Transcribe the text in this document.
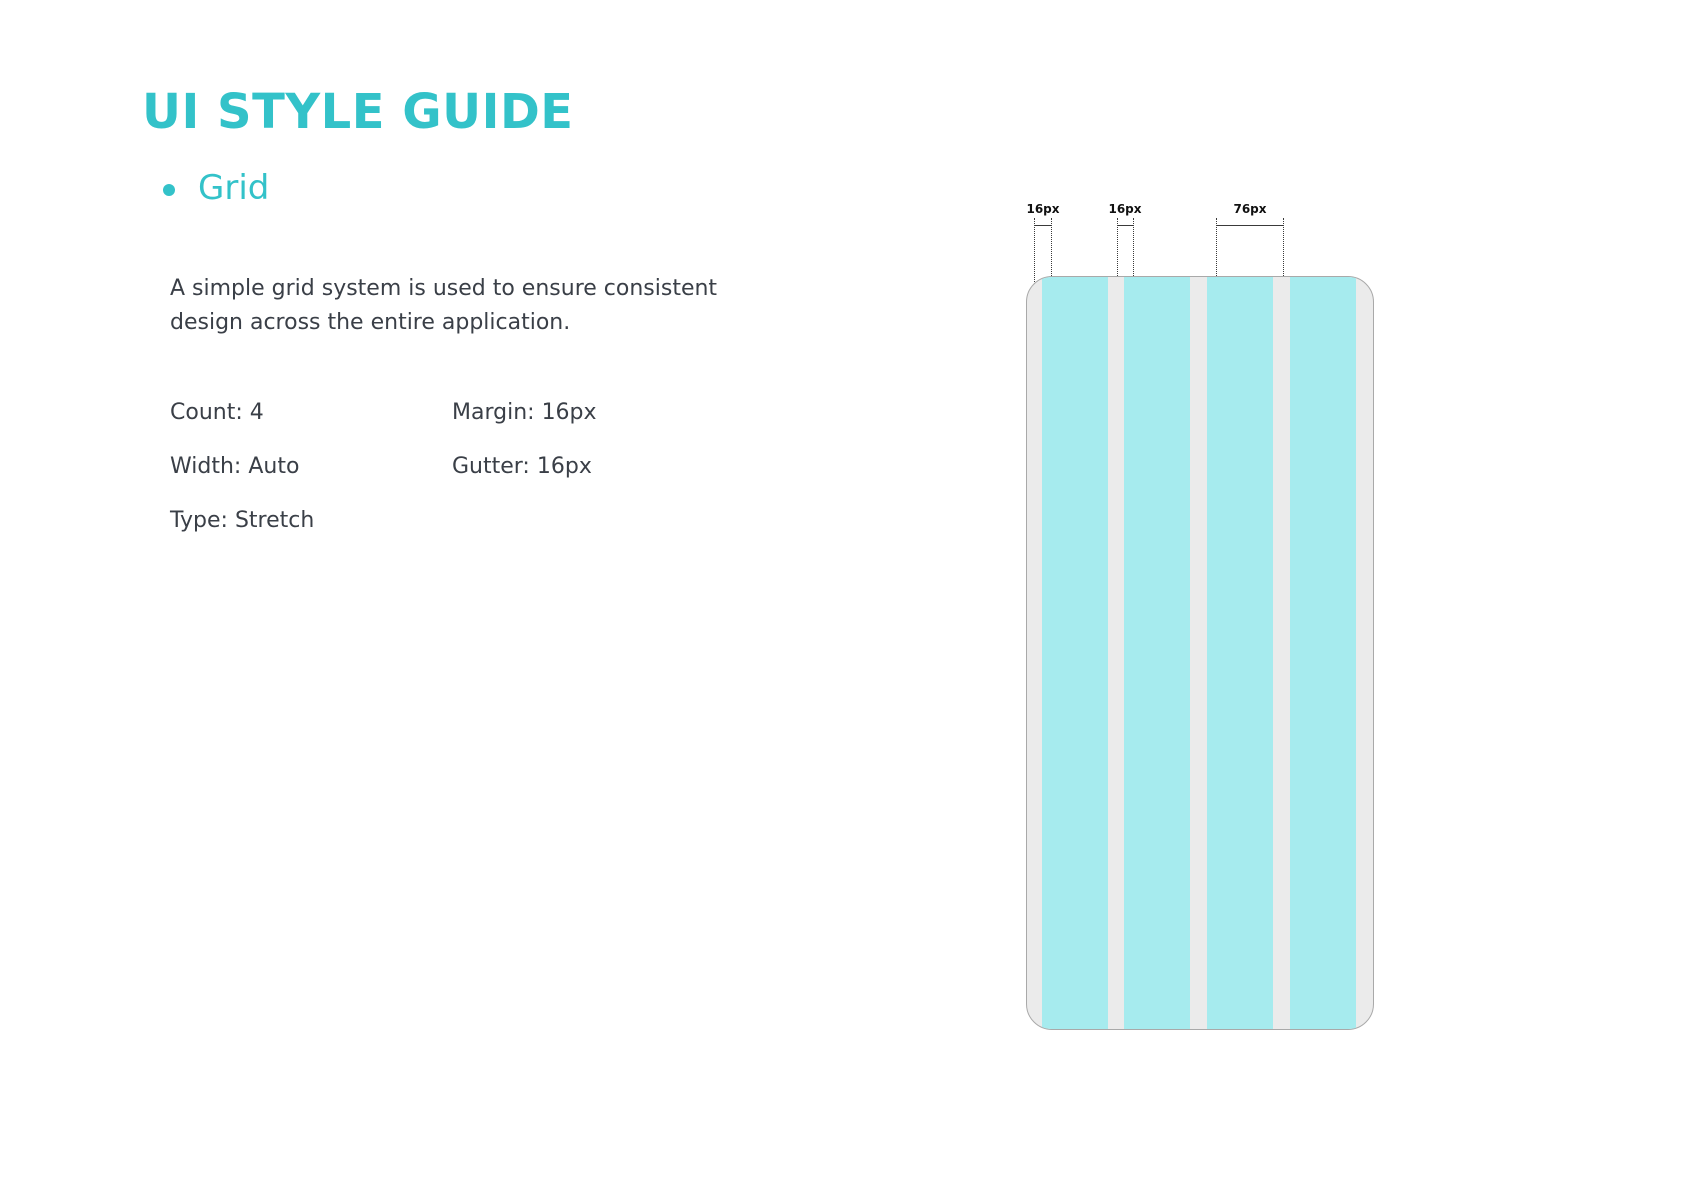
UI STYLE GUIDE
Grid

A simple grid system is used to ensure consistent design across the entire application.

Count: 4	Margin: 16px
Width: Auto	Gutter: 16px
Type: Stretch
16px	16px	76px
